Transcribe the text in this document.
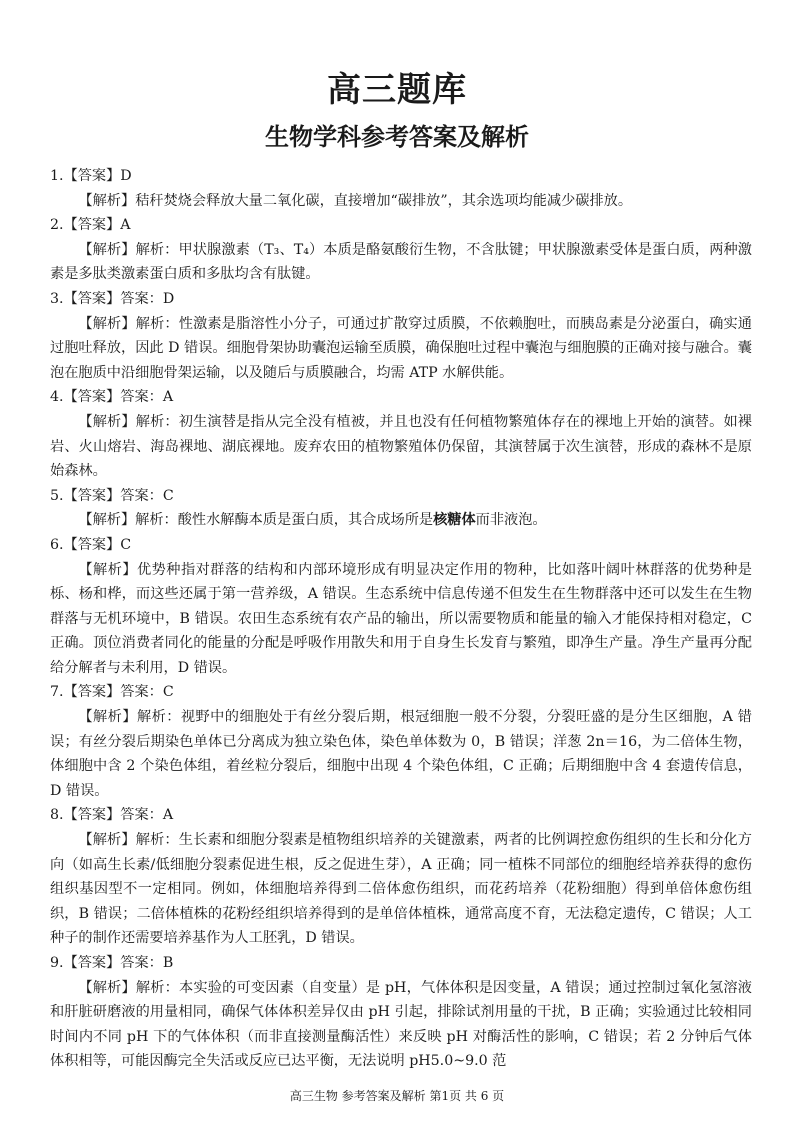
高三题库
生物学科参考答案及解析
1.【答案】D
【解析】秸秆焚烧会释放大量二氧化碳，直接增加“碳排放”，其余选项均能减少碳排放。
2.【答案】A
【解析】解析：甲状腺激素（T₃、T₄）本质是酪氨酸衍生物，不含肽键；甲状腺激素受体是蛋白质，两种激素是多肽类激素蛋白质和多肽均含有肽键。
3.【答案】答案：D
【解析】解析：性激素是脂溶性小分子，可通过扩散穿过质膜，不依赖胞吐，而胰岛素是分泌蛋白，确实通过胞吐释放，因此 D 错误。细胞骨架协助囊泡运输至质膜，确保胞吐过程中囊泡与细胞膜的正确对接与融合。囊泡在胞质中沿细胞骨架运输，以及随后与质膜融合，均需 ATP 水解供能。
4.【答案】答案：A
【解析】解析：初生演替是指从完全没有植被，并且也没有任何植物繁殖体存在的裸地上开始的演替。如裸岩、火山熔岩、海岛裸地、湖底裸地。废弃农田的植物繁殖体仍保留，其演替属于次生演替，形成的森林不是原始森林。
5.【答案】答案：C
【解析】解析：酸性水解酶本质是蛋白质，其合成场所是核糖体而非液泡。
6.【答案】C
【解析】优势种指对群落的结构和内部环境形成有明显决定作用的物种，比如落叶阔叶林群落的优势种是栎、杨和桦，而这些还属于第一营养级，A 错误。生态系统中信息传递不但发生在生物群落中还可以发生在生物群落与无机环境中，B 错误。农田生态系统有农产品的输出，所以需要物质和能量的输入才能保持相对稳定，C 正确。顶位消费者同化的能量的分配是呼吸作用散失和用于自身生长发育与繁殖，即净生产量。净生产量再分配给分解者与未利用，D 错误。
7.【答案】答案：C
【解析】解析：视野中的细胞处于有丝分裂后期，根冠细胞一般不分裂，分裂旺盛的是分生区细胞，A 错误；有丝分裂后期染色单体已分离成为独立染色体，染色单体数为 0，B 错误；洋葱 2n＝16，为二倍体生物，体细胞中含 2 个染色体组，着丝粒分裂后，细胞中出现 4 个染色体组，C 正确；后期细胞中含 4 套遗传信息，D 错误。
8.【答案】答案：A
【解析】解析：生长素和细胞分裂素是植物组织培养的关键激素，两者的比例调控愈伤组织的生长和分化方向（如高生长素/低细胞分裂素促进生根，反之促进生芽），A 正确；同一植株不同部位的细胞经培养获得的愈伤组织基因型不一定相同。例如，体细胞培养得到二倍体愈伤组织，而花药培养（花粉细胞）得到单倍体愈伤组织，B 错误；二倍体植株的花粉经组织培养得到的是单倍体植株，通常高度不育，无法稳定遗传，C 错误；人工种子的制作还需要培养基作为人工胚乳，D 错误。
9.【答案】答案：B
【解析】解析：本实验的可变因素（自变量）是 pH，气体体积是因变量，A 错误；通过控制过氧化氢溶液和肝脏研磨液的用量相同，确保气体体积差异仅由 pH 引起，排除试剂用量的干扰，B 正确；实验通过比较相同时间内不同 pH 下的气体体积（而非直接测量酶活性）来反映 pH 对酶活性的影响，C 错误；若 2 分钟后气体体积相等，可能因酶完全失活或反应已达平衡，无法说明 pH5.0~9.0 范
高三生物 参考答案及解析 第1页 共 6 页
